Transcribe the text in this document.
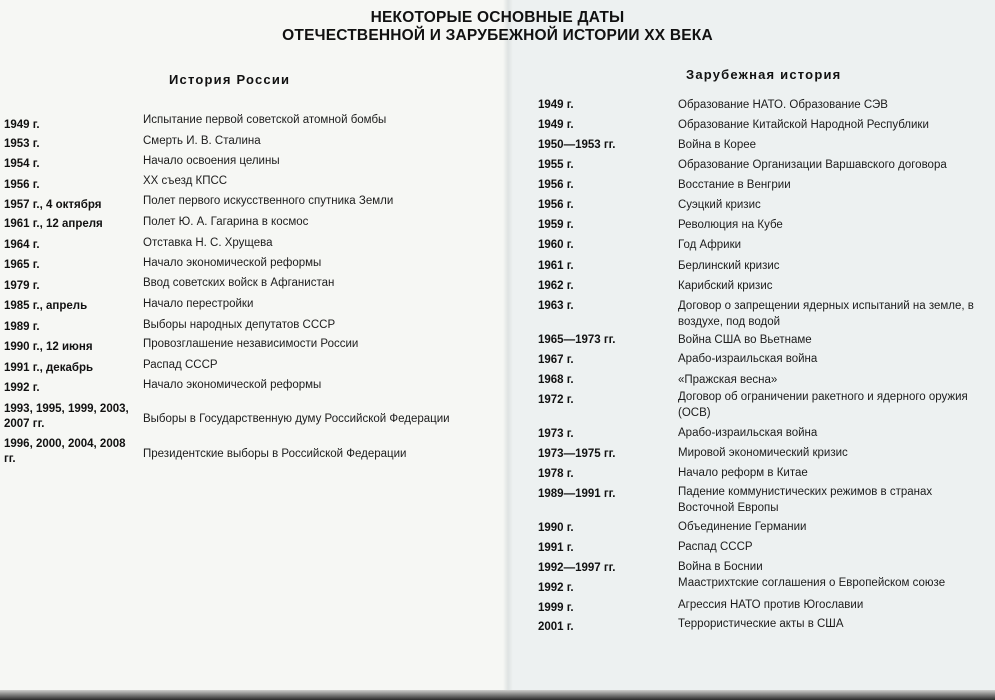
НЕКОТОРЫЕ ОСНОВНЫЕ ДАТЫ
ОТЕЧЕСТВЕННОЙ И ЗАРУБЕЖНОЙ ИСТОРИИ XX ВЕКА
История России	Зарубежная история
1949 г.	Испытание первой советской атомной бомбы
1953 г.	Смерть И. В. Сталина
1954 г.	Начало освоения целины
1956 г.	XX съезд КПСС
1957 г., 4 октября	Полет первого искусственного спутника Земли
1961 г., 12 апреля	Полет Ю. А. Гагарина в космос
1964 г.	Отставка Н. С. Хрущева
1965 г.	Начало экономической реформы
1979 г.	Ввод советских войск в Афганистан
1985 г., апрель	Начало перестройки
1989 г.	Выборы народных депутатов СССР
1990 г., 12 июня	Провозглашение независимости России
1991 г., декабрь	Распад СССР
1992 г.	Начало экономической реформы
1993, 1995, 1999, 2003, 2007 гг.	Выборы в Государственную думу Российской Федерации
1996, 2000, 2004, 2008 гг.	Президентские выборы в Российской Федерации
1949 г.	Образование НАТО. Образование СЭВ
1949 г.	Образование Китайской Народной Республики
1950—1953 гг.	Война в Корее
1955 г.	Образование Организации Варшавского договора
1956 г.	Восстание в Венгрии
1956 г.	Суэцкий кризис
1959 г.	Революция на Кубе
1960 г.	Год Африки
1961 г.	Берлинский кризис
1962 г.	Карибский кризис
1963 г.	Договор о запрещении ядерных испытаний на земле, в воздухе, под водой
1965—1973 гг.	Война США во Вьетнаме
1967 г.	Арабо-израильская война
1968 г.	«Пражская весна»
1972 г.	Договор об ограничении ракетного и ядерного оружия (ОСВ)
1973 г.	Арабо-израильская война
1973—1975 гг.	Мировой экономический кризис
1978 г.	Начало реформ в Китае
1989—1991 гг.	Падение коммунистических режимов в странах Восточной Европы
1990 г.	Объединение Германии
1991 г.	Распад СССР
1992—1997 гг.	Война в Боснии
1992 г.	Маастрихтские соглашения о Европейском союзе
1999 г.	Агрессия НАТО против Югославии
2001 г.	Террористические акты в США
